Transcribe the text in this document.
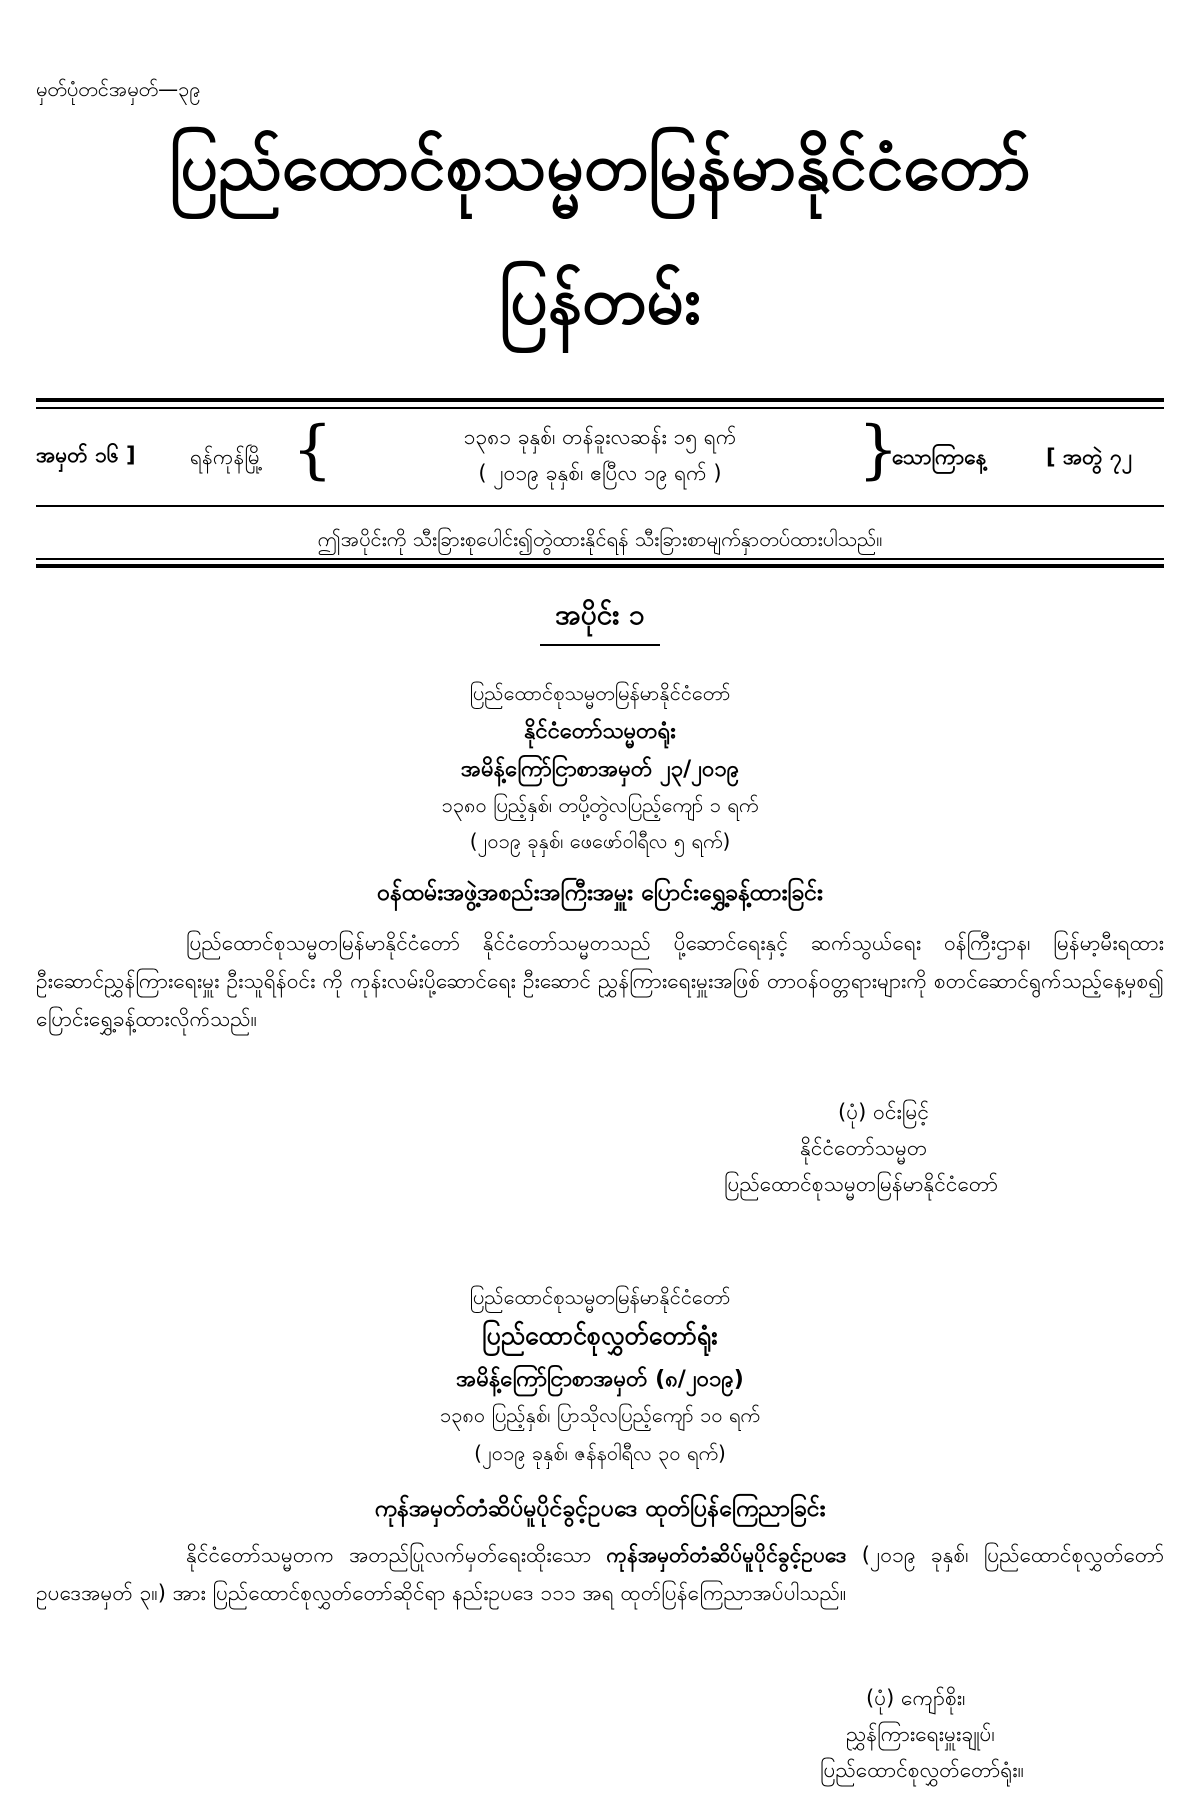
မှတ်ပုံတင်အမှတ်—၃၉
ပြည်ထောင်စုသမ္မတမြန်မာနိုင်ငံတော်
ပြန်တမ်း
အမှတ် ၁၆ ]	ရန်ကုန်မြို့ {	၁၃၈၁ ခုနှစ်၊ တန်ခူးလဆန်း ၁၅ ရက်
( ၂၀၁၉ ခုနှစ်၊ ဧပြီလ ၁၉ ရက် )	}
သောကြာနေ့	[ အတွဲ ၇၂
ဤအပိုင်းကို သီးခြားစုပေါင်း၍တွဲထားနိုင်ရန် သီးခြားစာမျက်နှာတပ်ထားပါသည်။
အပိုင်း ၁
ပြည်ထောင်စုသမ္မတမြန်မာနိုင်ငံတော်
နိုင်ငံတော်သမ္မတရုံး
အမိန့်ကြော်ငြာစာအမှတ် ၂၃/၂၀၁၉
၁၃၈၀ ပြည့်နှစ်၊ တပို့တွဲလပြည့်ကျော် ၁ ရက်
(၂၀၁၉ ခုနှစ်၊ ဖေဖော်ဝါရီလ ၅ ရက်)
ဝန်ထမ်းအဖွဲ့အစည်းအကြီးအမှူး ပြောင်းရွှေ့ခန့်ထားခြင်း
ပြည်ထောင်စုသမ္မတမြန်မာနိုင်ငံတော် နိုင်ငံတော်သမ္မတသည် ပို့ဆောင်ရေးနှင့် ဆက်သွယ်ရေး ဝန်ကြီးဌာန၊ မြန်မာ့မီးရထား ဦးဆောင်ညွှန်ကြားရေးမှူး ဦးသူရိန်ဝင်း ကို ကုန်းလမ်းပို့ဆောင်ရေး ဦးဆောင် ညွှန်ကြားရေးမှူးအဖြစ် တာဝန်ဝတ္တရားများကို စတင်ဆောင်ရွက်သည့်နေ့မှစ၍ ပြောင်းရွှေ့ခန့်ထားလိုက်သည်။
(ပုံ) ဝင်းမြင့်
နိုင်ငံတော်သမ္မတ
ပြည်ထောင်စုသမ္မတမြန်မာနိုင်ငံတော်
ပြည်ထောင်စုသမ္မတမြန်မာနိုင်ငံတော်
ပြည်ထောင်စုလွှတ်တော်ရုံး
အမိန့်ကြော်ငြာစာအမှတ် (၈/၂၀၁၉)
၁၃၈၀ ပြည့်နှစ်၊ ပြာသိုလပြည့်ကျော် ၁၀ ရက်
(၂၀၁၉ ခုနှစ်၊ ဇန်နဝါရီလ ၃၀ ရက်)
ကုန်အမှတ်တံဆိပ်မူပိုင်ခွင့်ဥပဒေ ထုတ်ပြန်ကြေညာခြင်း
နိုင်ငံတော်သမ္မတက အတည်ပြုလက်မှတ်ရေးထိုးသော ကုန်အမှတ်တံဆိပ်မူပိုင်ခွင့်ဥပဒေ (၂၀၁၉ ခုနှစ်၊ ပြည်ထောင်စုလွှတ်တော်ဥပဒေအမှတ် ၃။) အား ပြည်ထောင်စုလွှတ်တော်ဆိုင်ရာ နည်းဥပဒေ ၁၁၁ အရ ထုတ်ပြန်ကြေညာအပ်ပါသည်။
(ပုံ) ကျော်စိုး၊
ညွှန်ကြားရေးမှူးချုပ်၊
ပြည်ထောင်စုလွှတ်တော်ရုံး။
